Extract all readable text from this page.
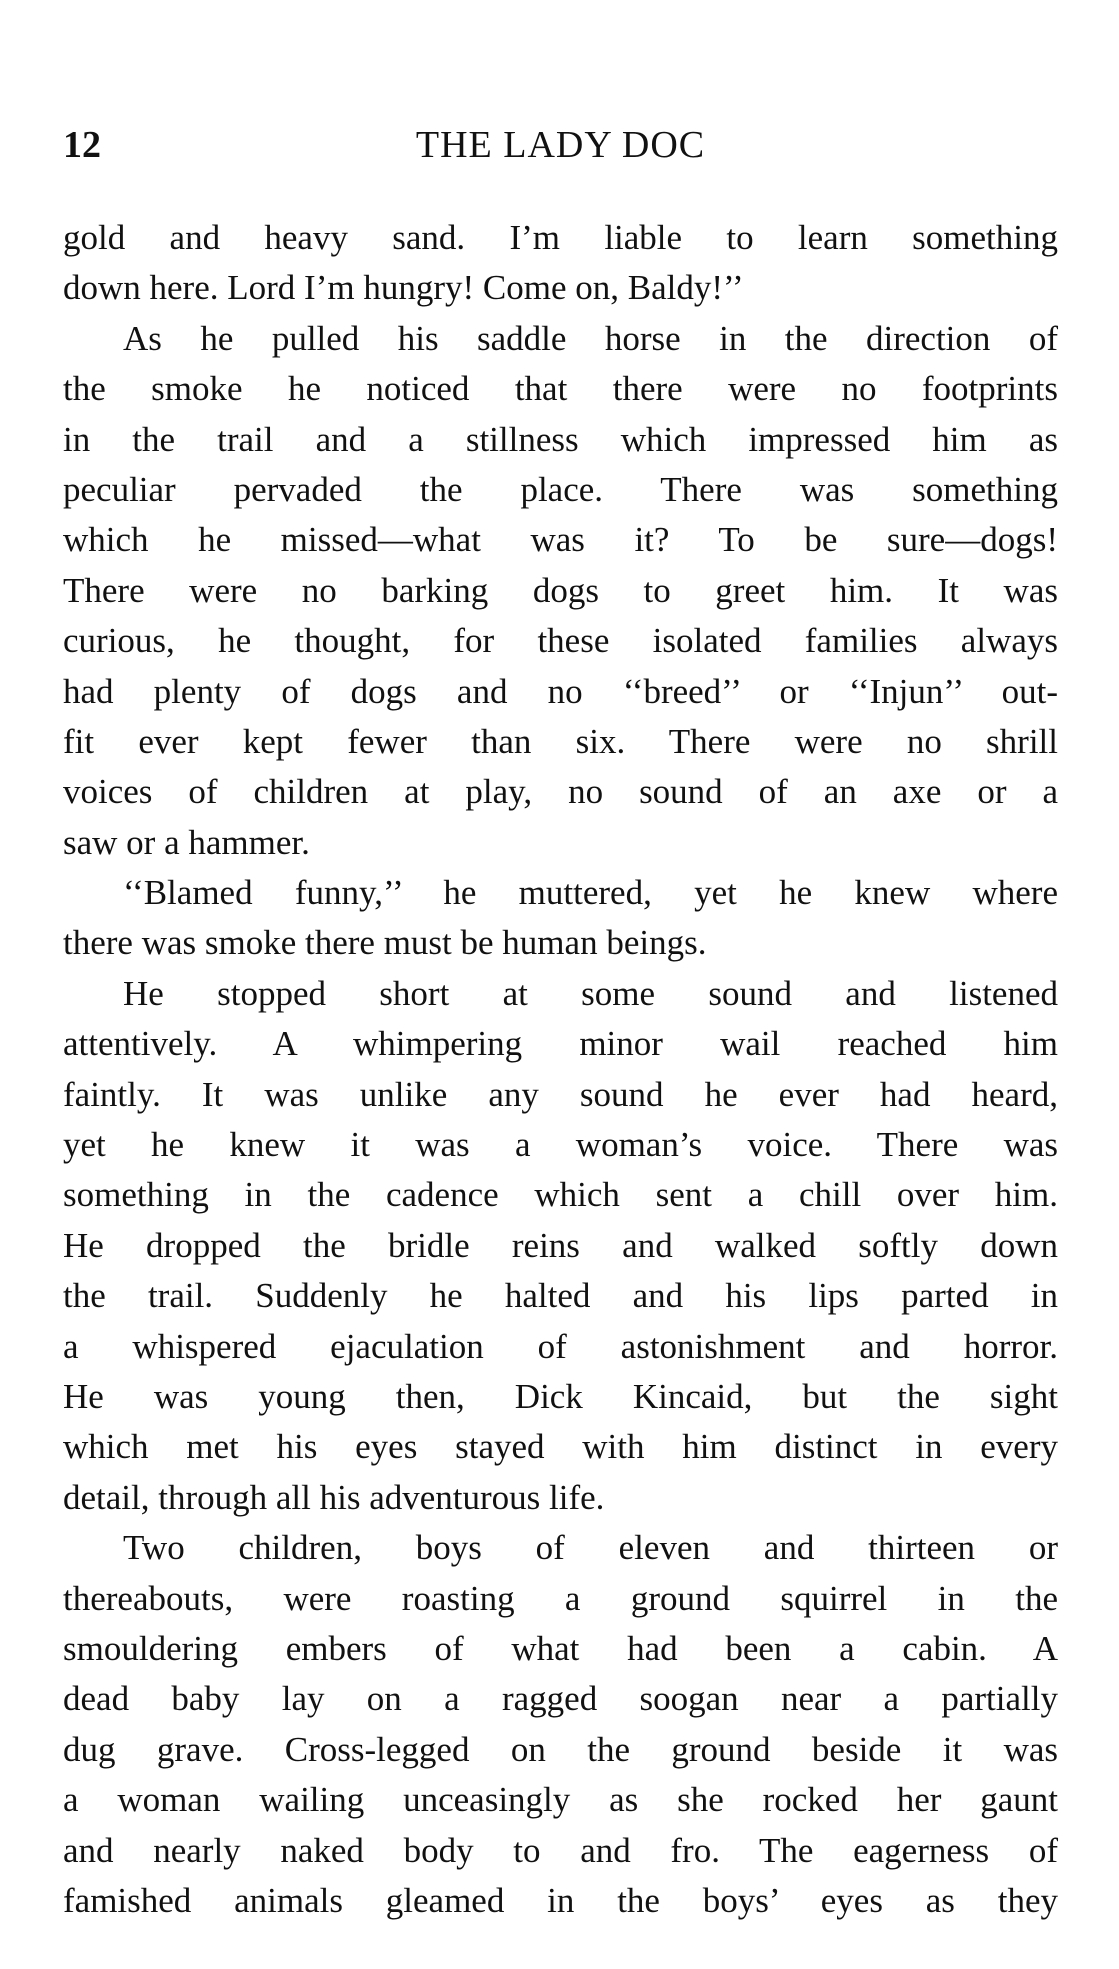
12	THE LADY DOC
gold and heavy sand. I’m liable to learn something
down here. Lord I’m hungry! Come on, Baldy!’’
As he pulled his saddle horse in the direction of
the smoke he noticed that there were no footprints
in the trail and a stillness which impressed him as
peculiar pervaded the place. There was something
which he missed—what was it? To be sure—dogs!
There were no barking dogs to greet him. It was
curious, he thought, for these isolated families always
had plenty of dogs and no ‘‘breed’’ or ‘‘Injun’’ out-
fit ever kept fewer than six. There were no shrill
voices of children at play, no sound of an axe or a
saw or a hammer.
‘‘Blamed funny,’’ he muttered, yet he knew where
there was smoke there must be human beings.
He stopped short at some sound and listened
attentively. A whimpering minor wail reached him
faintly. It was unlike any sound he ever had heard,
yet he knew it was a woman’s voice. There was
something in the cadence which sent a chill over him.
He dropped the bridle reins and walked softly down
the trail. Suddenly he halted and his lips parted in
a whispered ejaculation of astonishment and horror.
He was young then, Dick Kincaid, but the sight
which met his eyes stayed with him distinct in every
detail, through all his adventurous life.
Two children, boys of eleven and thirteen or
thereabouts, were roasting a ground squirrel in the
smouldering embers of what had been a cabin. A
dead baby lay on a ragged soogan near a partially
dug grave. Cross-legged on the ground beside it was
a woman wailing unceasingly as she rocked her gaunt
and nearly naked body to and fro. The eagerness of
famished animals gleamed in the boys’ eyes as they
